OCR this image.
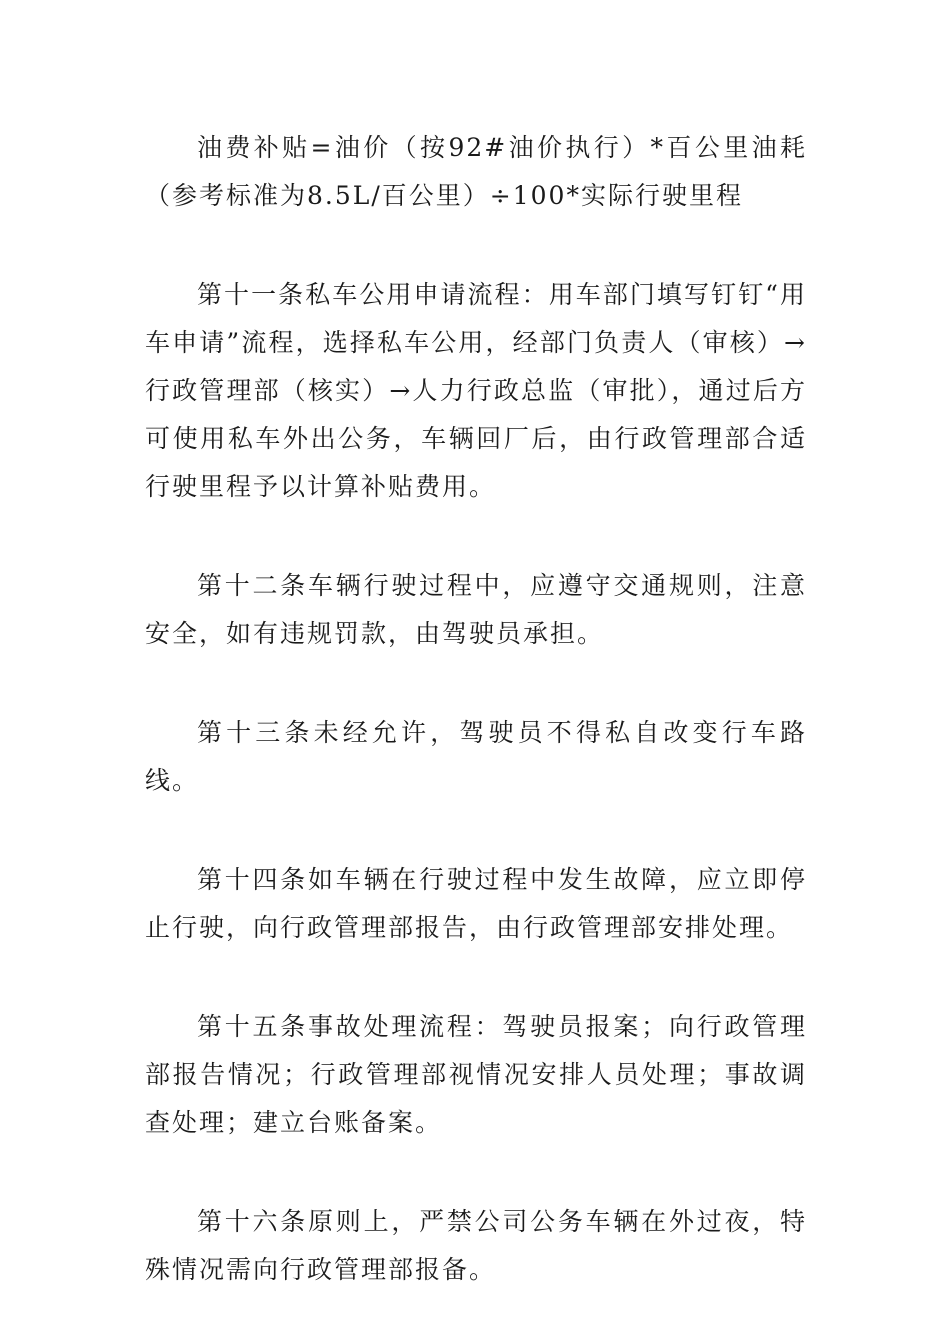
油费补贴=油价（按92#油价执行）*百公里油耗（参考标准为8.5L/百公里）÷100*实际行驶里程

第十一条私车公用申请流程：用车部门填写钉钉“用车申请”流程，选择私车公用，经部门负责人（审核）→行政管理部（核实）→人力行政总监（审批），通过后方可使用私车外出公务，车辆回厂后，由行政管理部合适行驶里程予以计算补贴费用。

第十二条车辆行驶过程中，应遵守交通规则，注意安全，如有违规罚款，由驾驶员承担。

第十三条未经允许，驾驶员不得私自改变行车路线。

第十四条如车辆在行驶过程中发生故障，应立即停止行驶，向行政管理部报告，由行政管理部安排处理。

第十五条事故处理流程：驾驶员报案；向行政管理部报告情况；行政管理部视情况安排人员处理；事故调查处理；建立台账备案。

第十六条原则上，严禁公司公务车辆在外过夜，特殊情况需向行政管理部报备。
